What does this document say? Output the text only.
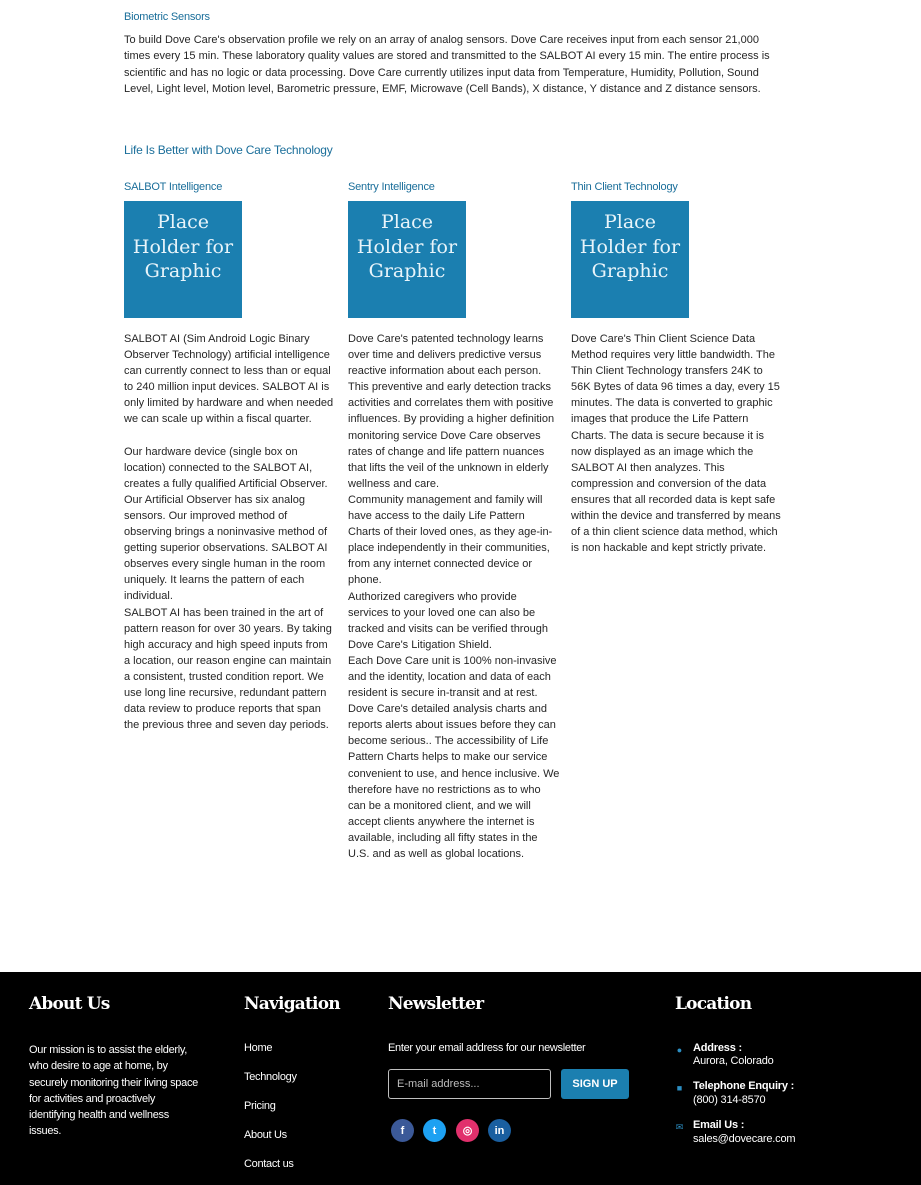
Biometric Sensors

To build Dove Care's observation profile we rely on an array of analog sensors. Dove Care receives input from each sensor 21,000 times every 15 min. These laboratory quality values are stored and transmitted to the SALBOT AI every 15 min. The entire process is scientific and has no logic or data processing. Dove Care currently utilizes input data from Temperature, Humidity, Pollution, Sound Level, Light level, Motion level, Barometric pressure, EMF, Microwave (Cell Bands), X distance, Y distance and Z distance sensors.

Life Is Better with Dove Care Technology
SALBOT Intelligence
Place Holder for Graphic

SALBOT AI (Sim Android Logic Binary Observer Technology) artificial intelligence can currently connect to less than or equal to 240 million input devices. SALBOT AI is only limited by hardware and when needed we can scale up within a fiscal quarter.

Our hardware device (single box on location) connected to the SALBOT AI, creates a fully qualified Artificial Observer. Our Artificial Observer has six analog sensors. Our improved method of observing brings a noninvasive method of getting superior observations. SALBOT AI observes every single human in the room uniquely. It learns the pattern of each individual.

SALBOT AI has been trained in the art of pattern reason for over 30 years. By taking high accuracy and high speed inputs from a location, our reason engine can maintain a consistent, trusted condition report. We use long line recursive, redundant pattern data review to produce reports that span the previous three and seven day periods.

Sentry Intelligence
Place Holder for Graphic

Dove Care's patented technology learns over time and delivers predictive versus reactive information about each person. This preventive and early detection tracks activities and correlates them with positive influences. By providing a higher definition monitoring service Dove Care observes rates of change and life pattern nuances that lifts the veil of the unknown in elderly wellness and care.

Community management and family will have access to the daily Life Pattern Charts of their loved ones, as they age-in-place independently in their communities, from any internet connected device or phone.

Authorized caregivers who provide services to your loved one can also be tracked and visits can be verified through Dove Care's Litigation Shield.

Each Dove Care unit is 100% non-invasive and the identity, location and data of each resident is secure in-transit and at rest. Dove Care's detailed analysis charts and reports alerts about issues before they can become serious.. The accessibility of Life Pattern Charts helps to make our service convenient to use, and hence inclusive. We therefore have no restrictions as to who can be a monitored client, and we will accept clients anywhere the internet is available, including all fifty states in the U.S. and as well as global locations.

Thin Client Technology
Place Holder for Graphic

Dove Care's Thin Client Science Data Method requires very little bandwidth. The Thin Client Technology transfers 24K to 56K Bytes of data 96 times a day, every 15 minutes. The data is converted to graphic images that produce the Life Pattern Charts. The data is secure because it is now displayed as an image which the SALBOT AI then analyzes. This compression and conversion of the data ensures that all recorded data is kept safe within the device and transferred by means of a thin client science data method, which is non hackable and kept strictly private.

About Us

Our mission is to assist the elderly, who desire to age at home, by securely monitoring their living space for activities and proactively identifying health and wellness issues.

Navigation
Home
Technology
Pricing
About Us
Contact us
Newsletter

Enter your email address for our newsletter

E-mail address...
SIGN UP
f	t	◎	in
Location
● Address :
Aurora, Colorado
■ Telephone Enquiry :
(800) 314-8570
✉ Email Us :
sales@dovecare.com
